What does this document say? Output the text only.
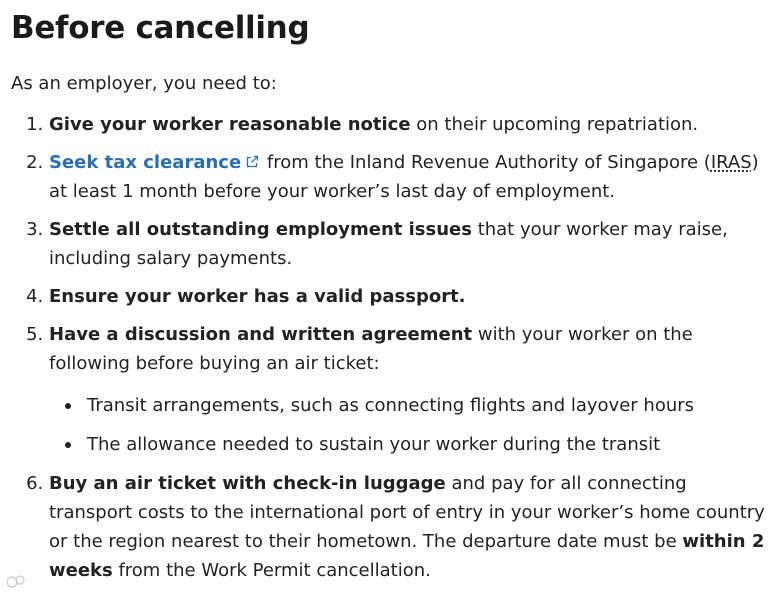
Before cancelling

As an employer, you need to:

1. Give your worker reasonable notice on their upcoming repatriation.
2. Seek tax clearance from the Inland Revenue Authority of Singapore (IRAS) at least 1 month before your worker’s last day of employment.
3. Settle all outstanding employment issues that your worker may raise, including salary payments.
4. Ensure your worker has a valid passport.
5. Have a discussion and written agreement with your worker on the following before buying an air ticket:
Transit arrangements, such as connecting flights and layover hours
The allowance needed to sustain your worker during the transit
6. Buy an air ticket with check-in luggage and pay for all connecting transport costs to the international port of entry in your worker’s home country or the region nearest to their hometown. The departure date must be within 2 weeks from the Work Permit cancellation.
